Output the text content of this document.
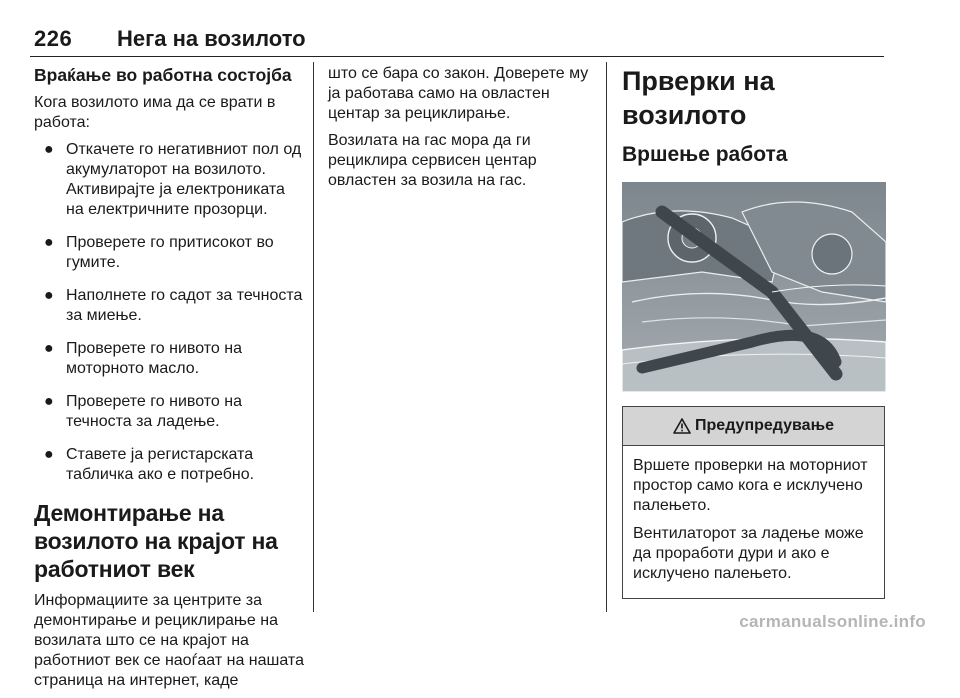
226 Нега на возилото
Враќање во работна состојба

Кога возилото има да се врати в работа:

● Откачете го негативниот пол од акумулаторот на возилото. Активирајте ја електрониката на електричните прозорци.
● Проверете го притисокот во гумите.
● Наполнете го садот за течноста за миење.
● Проверете го нивото на моторното масло.
● Проверете го нивото на течноста за ладење.
● Ставете ја регистарската табличка ако е потребно.
Демонтирање на возилото на крајот на работниот век

Информациите за центрите за демонтирање и рециклирање на возилата што се на крајот на работниот век се наоѓаат на нашата страница на интернет, каде

што се бара со закон. Доверете му ја работава само на овластен центар за рециклирање.

Возилата на гас мора да ги рециклира сервисен центар овластен за возила на гас.

Прверки на возилото
Вршење работа
Предупредување

Вршете проверки на моторниот простор само кога е исклучено палењето.

Вентилаторот за ладење може да прорaботи дури и ако е исклучено палењето.

carmanualsonline.info
